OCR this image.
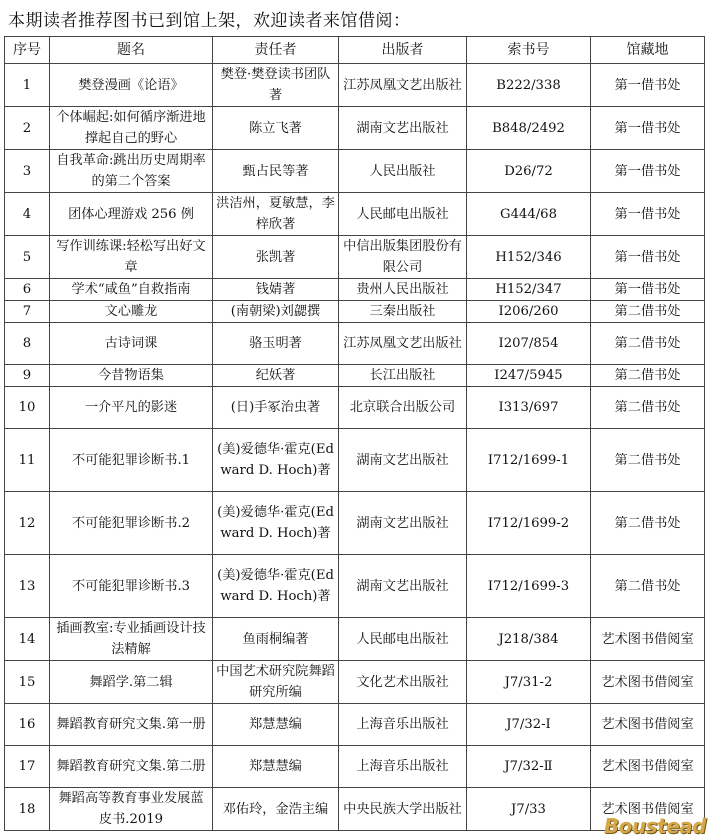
本期读者推荐图书已到馆上架，欢迎读者来馆借阅：
序号	题名	责任者	出版者	索书号	馆藏地
1	樊登漫画《论语》	樊登·樊登读书团队著	江苏凤凰文艺出版社	B222/338	第一借书处
2	个体崛起:如何循序渐进地撑起自己的野心	陈立飞著	湖南文艺出版社	B848/2492	第一借书处
3	自我革命:跳出历史周期率的第二个答案	甄占民等著	人民出版社	D26/72	第一借书处
4	团体心理游戏 256 例	洪洁州，夏敏慧，李梓欣著	人民邮电出版社	G444/68	第一借书处
5	写作训练课:轻松写出好文章	张凯著	中信出版集团股份有限公司	H152/346	第一借书处
6	学术“咸鱼”自救指南	钱婧著	贵州人民出版社	H152/347	第一借书处
7	文心雕龙	(南朝梁)刘勰撰	三秦出版社	I206/260	第二借书处
8	古诗词课	骆玉明著	江苏凤凰文艺出版社	I207/854	第二借书处
9	今昔物语集	纪妖著	长江出版社	I247/5945	第二借书处
10	一介平凡的影迷	(日)手冢治虫著	北京联合出版公司	I313/697	第二借书处
11	不可能犯罪诊断书.1	(美)爱德华·霍克(Edward D. Hoch)著	湖南文艺出版社	I712/1699-1	第二借书处
12	不可能犯罪诊断书.2	(美)爱德华·霍克(Edward D. Hoch)著	湖南文艺出版社	I712/1699-2	第二借书处
13	不可能犯罪诊断书.3	(美)爱德华·霍克(Edward D. Hoch)著	湖南文艺出版社	I712/1699-3	第二借书处
14	插画教室:专业插画设计技法精解	鱼雨桐编著	人民邮电出版社	J218/384	艺术图书借阅室
15	舞蹈学.第二辑	中国艺术研究院舞蹈研究所编	文化艺术出版社	J7/31-2	艺术图书借阅室
16	舞蹈教育研究文集.第一册	郑慧慧编	上海音乐出版社	J7/32-Ⅰ	艺术图书借阅室
17	舞蹈教育研究文集.第二册	郑慧慧编	上海音乐出版社	J7/32-Ⅱ	艺术图书借阅室
18	舞蹈高等教育事业发展蓝皮书.2019	邓佑玲，金浩主编	中央民族大学出版社	J7/33	艺术图书借阅室
Boustead
